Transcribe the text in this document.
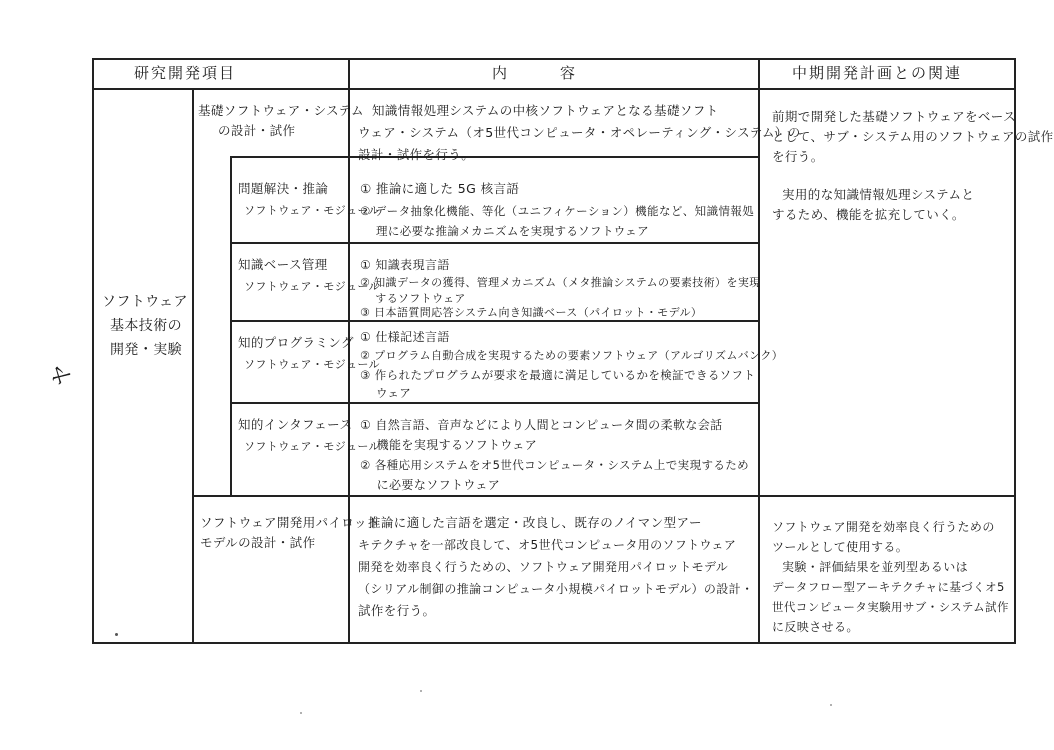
ヤ
研究開発項目	内　　　容	中期開発計画との関連
ソフトウェア
基本技術の
開発・実験
基礎ソフトウェア・システム
の設計・試作
知識情報処理システムの中核ソフトウェアとなる基礎ソフト
ウェア・システム（オ5世代コンピュータ・オペレーティング・システム）の
設計・試作を行う。
前期で開発した基礎ソフトウェアをベース
として、サブ・システム用のソフトウェアの試作
を行う。
実用的な知識情報処理システムと
するため、機能を拡充していく。
問題解決・推論
ソフトウェア・モジュール
① 推論に適した 5G 核言語
② データ抽象化機能、等化（ユニフィケーション）機能など、知識情報処
　 理に必要な推論メカニズムを実現するソフトウェア
知識ベース管理
ソフトウェア・モジュール
① 知識表現言語
② 知識データの獲得、管理メカニズム（メタ推論システムの要素技術）を実現
　 するソフトウェア
③ 日本語質問応答システム向き知識ベース（パイロット・モデル）
知的プログラミング
ソフトウェア・モジュール
① 仕様記述言語
② プログラム自動合成を実現するための要素ソフトウェア（アルゴリズムバンク）
③ 作られたプログラムが要求を最適に満足しているかを検証できるソフト
　 ウェア
知的インタフェース
ソフトウェア・モジュール
① 自然言語、音声などにより人間とコンピュータ間の柔軟な会話
　 機能を実現するソフトウェア
② 各種応用システムをオ5世代コンピュータ・システム上で実現するため
　 に必要なソフトウェア
ソフトウェア開発用パイロット
モデルの設計・試作
推論に適した言語を選定・改良し、既存のノイマン型アー
キテクチャを一部改良して、オ5世代コンピュータ用のソフトウェア
開発を効率良く行うための、ソフトウェア開発用パイロットモデル
（シリアル制御の推論コンピュータ小規模パイロットモデル）の設計・
試作を行う。
ソフトウェア開発を効率良く行うための
ツールとして使用する。
実験・評価結果を並列型あるいは
データフロー型アーキテクチャに基づくオ5
世代コンピュータ実験用サブ・システム試作
に反映させる。
